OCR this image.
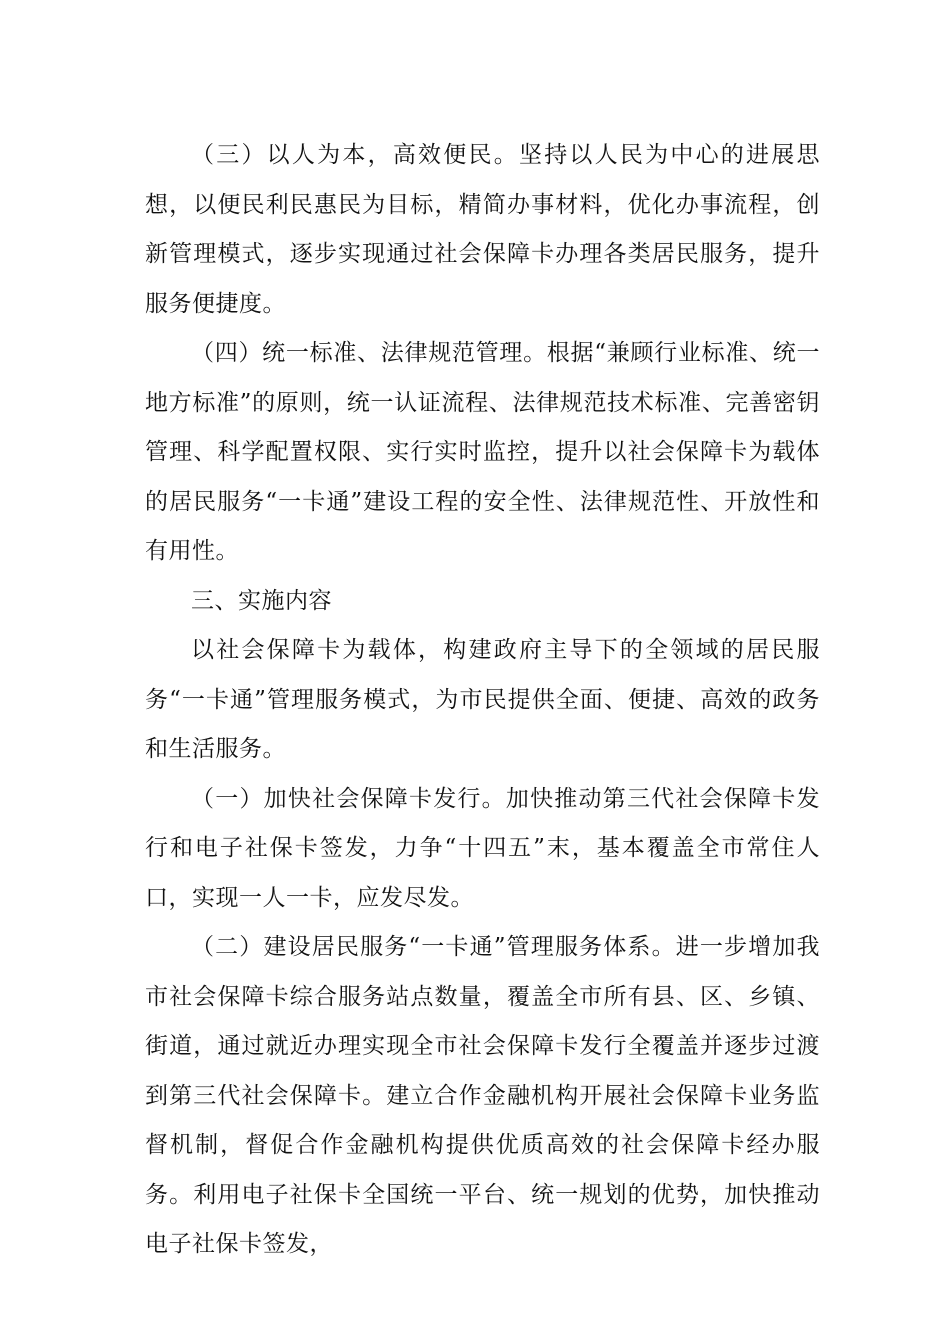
（三）以人为本，高效便民。坚持以人民为中心的进展思想，以便民利民惠民为目标，精简办事材料，优化办事流程，创新管理模式，逐步实现通过社会保障卡办理各类居民服务，提升服务便捷度。

（四）统一标准、法律规范管理。根据“兼顾行业标准、统一地方标准”的原则，统一认证流程、法律规范技术标准、完善密钥管理、科学配置权限、实行实时监控，提升以社会保障卡为载体的居民服务“一卡通”建设工程的安全性、法律规范性、开放性和有用性。

三、实施内容

以社会保障卡为载体，构建政府主导下的全领域的居民服务“一卡通”管理服务模式，为市民提供全面、便捷、高效的政务和生活服务。

（一）加快社会保障卡发行。加快推动第三代社会保障卡发行和电子社保卡签发，力争“十四五”末，基本覆盖全市常住人口，实现一人一卡，应发尽发。

（二）建设居民服务“一卡通”管理服务体系。进一步增加我市社会保障卡综合服务站点数量，覆盖全市所有县、区、乡镇、街道，通过就近办理实现全市社会保障卡发行全覆盖并逐步过渡到第三代社会保障卡。建立合作金融机构开展社会保障卡业务监督机制，督促合作金融机构提供优质高效的社会保障卡经办服务。利用电子社保卡全国统一平台、统一规划的优势，加快推动电子社保卡签发，
